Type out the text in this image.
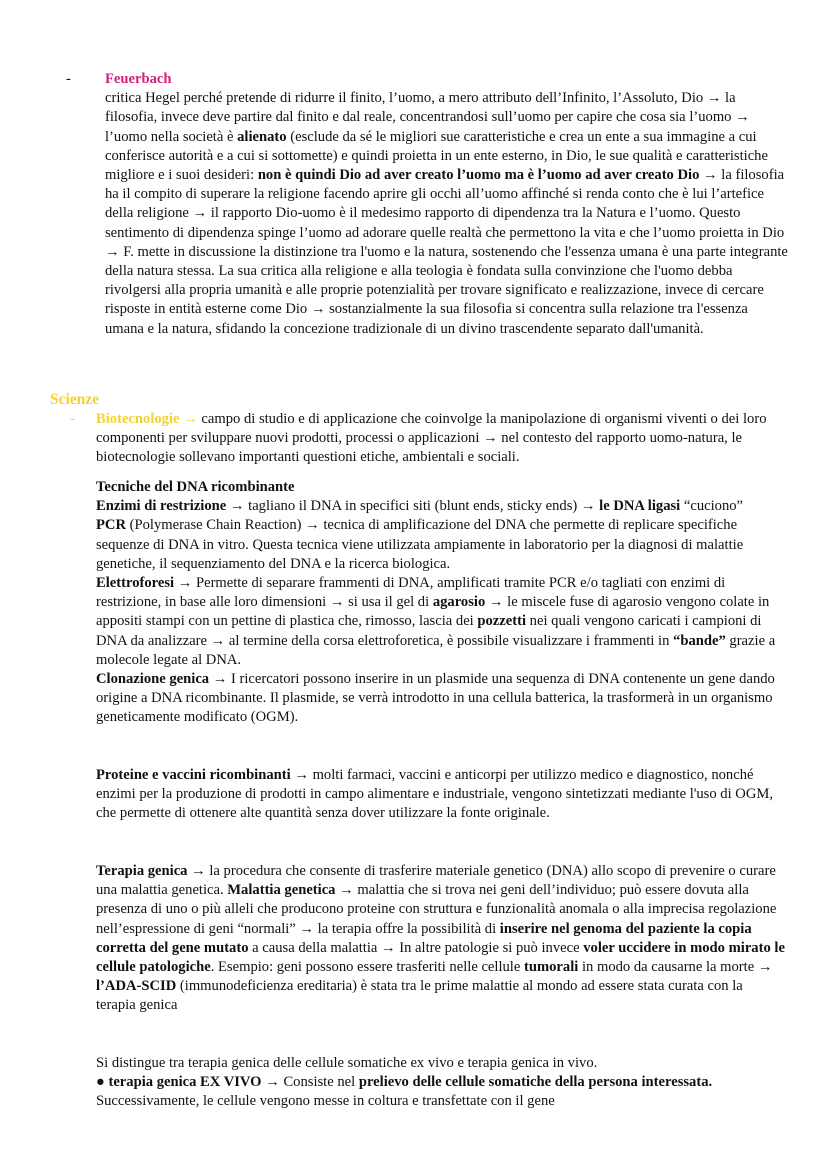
- Feuerbach

critica Hegel perché pretende di ridurre il finito, l’uomo, a mero attributo dell’Infinito, l’Assoluto, Dio → la filosofia, invece deve partire dal finito e dal reale, concentrandosi sull’uomo per capire che cosa sia l’uomo → l’uomo nella società è alienato (esclude da sé le migliori sue caratteristiche e crea un ente a sua immagine a cui conferisce autorità e a cui si sottomette) e quindi proietta in un ente esterno, in Dio, le sue qualità e caratteristiche migliore e i suoi desideri: non è quindi Dio ad aver creato l’uomo ma è l’uomo ad aver creato Dio → la filosofia ha il compito di superare la religione facendo aprire gli occhi all’uomo affinché si renda conto che è lui l’artefice della religione → il rapporto Dio-uomo è il medesimo rapporto di dipendenza tra la Natura e l’uomo. Questo sentimento di dipendenza spinge l’uomo ad adorare quelle realtà che permettono la vita e che l’uomo proietta in Dio → F. mette in discussione la distinzione tra l'uomo e la natura, sostenendo che l'essenza umana è una parte integrante della natura stessa. La sua critica alla religione e alla teologia è fondata sulla convinzione che l'uomo debba rivolgersi alla propria umanità e alle proprie potenzialità per trovare significato e realizzazione, invece di cercare risposte in entità esterne come Dio → sostanzialmente la sua filosofia si concentra sulla relazione tra l'essenza umana e la natura, sfidando la concezione tradizionale di un divino trascendente separato dall'umanità.

Scienze
- Biotecnologie → campo di studio e di applicazione che coinvolge la manipolazione di organismi viventi o dei loro componenti per sviluppare nuovi prodotti, processi o applicazioni → nel contesto del rapporto uomo-natura, le biotecnologie sollevano importanti questioni etiche, ambientali e sociali.

Tecniche del DNA ricombinante

Enzimi di restrizione → tagliano il DNA in specifici siti (blunt ends, sticky ends) → le DNA ligasi “cuciono”

PCR (Polymerase Chain Reaction) → tecnica di amplificazione del DNA che permette di replicare specifiche sequenze di DNA in vitro. Questa tecnica viene utilizzata ampiamente in laboratorio per la diagnosi di malattie genetiche, il sequenziamento del DNA e la ricerca biologica.

Elettroforesi → Permette di separare frammenti di DNA, amplificati tramite PCR e/o tagliati con enzimi di restrizione, in base alle loro dimensioni → si usa il gel di agarosio → le miscele fuse di agarosio vengono colate in appositi stampi con un pettine di plastica che, rimosso, lascia dei pozzetti nei quali vengono caricati i campioni di DNA da analizzare → al termine della corsa elettroforetica, è possibile visualizzare i frammenti in “bande” grazie a molecole legate al DNA.

Clonazione genica → I ricercatori possono inserire in un plasmide una sequenza di DNA contenente un gene dando origine a DNA ricombinante. Il plasmide, se verrà introdotto in una cellula batterica, la trasformerà in un organismo geneticamente modificato (OGM).

Proteine e vaccini ricombinanti → molti farmaci, vaccini e anticorpi per utilizzo medico e diagnostico, nonché enzimi per la produzione di prodotti in campo alimentare e industriale, vengono sintetizzati mediante l'uso di OGM, che permette di ottenere alte quantità senza dover utilizzare la fonte originale.

Terapia genica → la procedura che consente di trasferire materiale genetico (DNA) allo scopo di prevenire o curare una malattia genetica. Malattia genetica → malattia che si trova nei geni dell’individuo; può essere dovuta alla presenza di uno o più alleli che producono proteine con struttura e funzionalità anomala o alla imprecisa regolazione nell’espressione di geni “normali” → la terapia offre la possibilità di inserire nel genoma del paziente la copia corretta del gene mutato a causa della malattia → In altre patologie si può invece voler uccidere in modo mirato le cellule patologiche. Esempio: geni possono essere trasferiti nelle cellule tumorali in modo da causarne la morte → l’ADA-SCID (immunodeficienza ereditaria) è stata tra le prime malattie al mondo ad essere stata curata con la terapia genica

Si distingue tra terapia genica delle cellule somatiche ex vivo e terapia genica in vivo.

● terapia genica EX VIVO → Consiste nel prelievo delle cellule somatiche della persona interessata. Successivamente, le cellule vengono messe in coltura e transfettate con il gene
